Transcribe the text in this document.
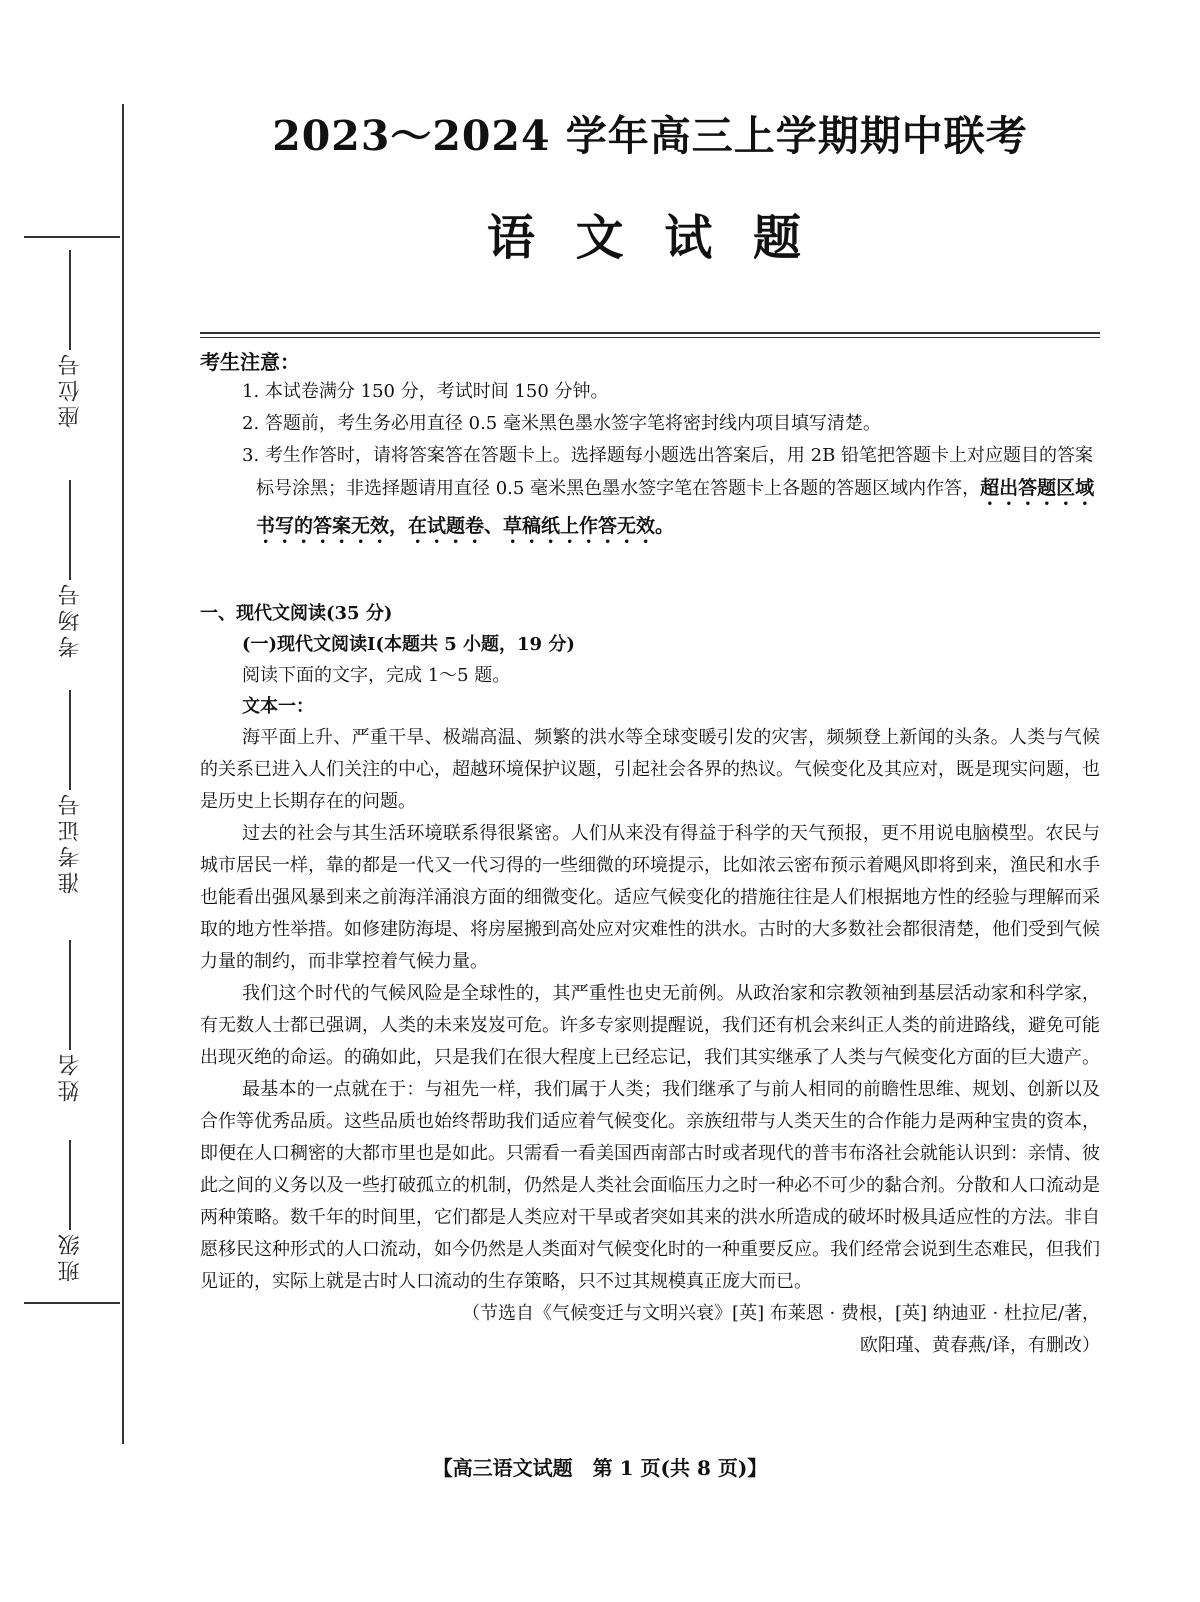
座位号
考场号
准考证号
姓名
班级
2023～2024 学年高三上学期期中联考
语 文 试 题
考生注意：
1. 本试卷满分 150 分，考试时间 150 分钟。
2. 答题前，考生务必用直径 0.5 毫米黑色墨水签字笔将密封线内项目填写清楚。
3. 考生作答时，请将答案答在答题卡上。选择题每小题选出答案后，用 2B 铅笔把答题卡上对应题目的答案标号涂黑；非选择题请用直径 0.5 毫米黑色墨水签字笔在答题卡上各题的答题区域内作答，超出答题区域书写的答案无效，在试题卷、草稿纸上作答无效。
一、现代文阅读(35 分)
(一)现代文阅读Ⅰ(本题共 5 小题，19 分)
阅读下面的文字，完成 1～5 题。
文本一：

海平面上升、严重干旱、极端高温、频繁的洪水等全球变暖引发的灾害，频频登上新闻的头条。人类与气候的关系已进入人们关注的中心，超越环境保护议题，引起社会各界的热议。气候变化及其应对，既是现实问题，也是历史上长期存在的问题。

过去的社会与其生活环境联系得很紧密。人们从来没有得益于科学的天气预报，更不用说电脑模型。农民与城市居民一样，靠的都是一代又一代习得的一些细微的环境提示，比如浓云密布预示着飓风即将到来，渔民和水手也能看出强风暴到来之前海洋涌浪方面的细微变化。适应气候变化的措施往往是人们根据地方性的经验与理解而采取的地方性举措。如修建防海堤、将房屋搬到高处应对灾难性的洪水。古时的大多数社会都很清楚，他们受到气候力量的制约，而非掌控着气候力量。

我们这个时代的气候风险是全球性的，其严重性也史无前例。从政治家和宗教领袖到基层活动家和科学家，有无数人士都已强调，人类的未来岌岌可危。许多专家则提醒说，我们还有机会来纠正人类的前进路线，避免可能出现灭绝的命运。的确如此，只是我们在很大程度上已经忘记，我们其实继承了人类与气候变化方面的巨大遗产。

最基本的一点就在于：与祖先一样，我们属于人类；我们继承了与前人相同的前瞻性思维、规划、创新以及合作等优秀品质。这些品质也始终帮助我们适应着气候变化。亲族纽带与人类天生的合作能力是两种宝贵的资本，即便在人口稠密的大都市里也是如此。只需看一看美国西南部古时或者现代的普韦布洛社会就能认识到：亲情、彼此之间的义务以及一些打破孤立的机制，仍然是人类社会面临压力之时一种必不可少的黏合剂。分散和人口流动是两种策略。数千年的时间里，它们都是人类应对干旱或者突如其来的洪水所造成的破坏时极具适应性的方法。非自愿移民这种形式的人口流动，如今仍然是人类面对气候变化时的一种重要反应。我们经常会说到生态难民，但我们见证的，实际上就是古时人口流动的生存策略，只不过其规模真正庞大而已。

（节选自《气候变迁与文明兴衰》[英] 布莱恩 · 费根，[英] 纳迪亚 · 杜拉尼/著，
欧阳瑾、黄春燕/译，有删改）
【高三语文试题　第 1 页(共 8 页)】
